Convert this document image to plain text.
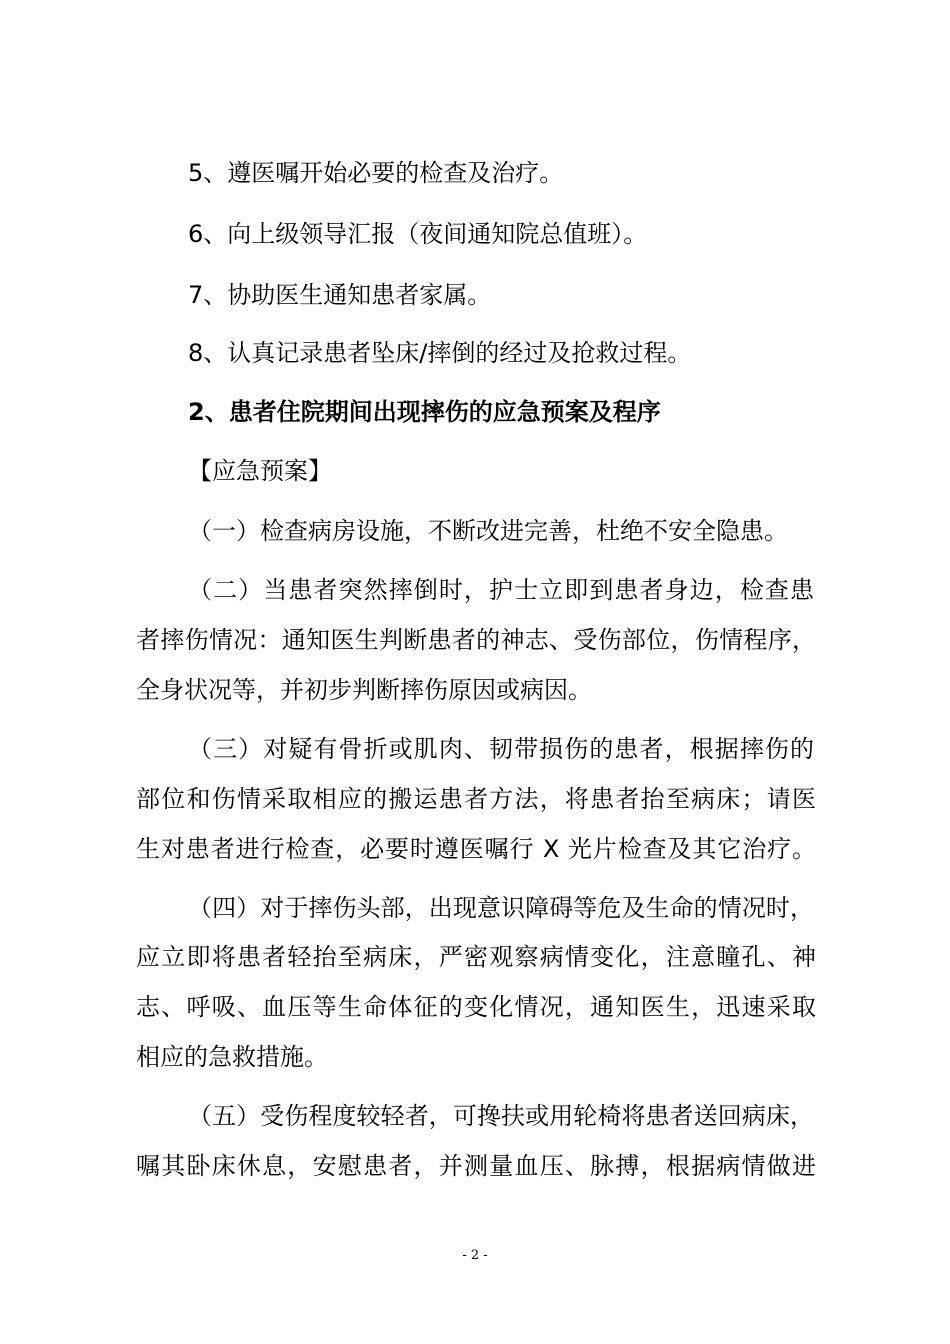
5、遵医嘱开始必要的检查及治疗。
6、向上级领导汇报（夜间通知院总值班）。
7、协助医生通知患者家属。
8、认真记录患者坠床/摔倒的经过及抢救过程。
2、患者住院期间出现摔伤的应急预案及程序
【应急预案】
（一）检查病房设施，不断改进完善，杜绝不安全隐患。
（二）当患者突然摔倒时，护士立即到患者身边，检查患
者摔伤情况：通知医生判断患者的神志、受伤部位，伤情程序，
全身状况等，并初步判断摔伤原因或病因。
（三）对疑有骨折或肌肉、韧带损伤的患者，根据摔伤的
部位和伤情采取相应的搬运患者方法，将患者抬至病床；请医
生对患者进行检查，必要时遵医嘱行 X 光片检查及其它治疗。
（四）对于摔伤头部，出现意识障碍等危及生命的情况时，
应立即将患者轻抬至病床，严密观察病情变化，注意瞳孔、神
志、呼吸、血压等生命体征的变化情况，通知医生，迅速采取
相应的急救措施。
（五）受伤程度较轻者，可搀扶或用轮椅将患者送回病床，
嘱其卧床休息，安慰患者，并测量血压、脉搏，根据病情做进
- 2 -
